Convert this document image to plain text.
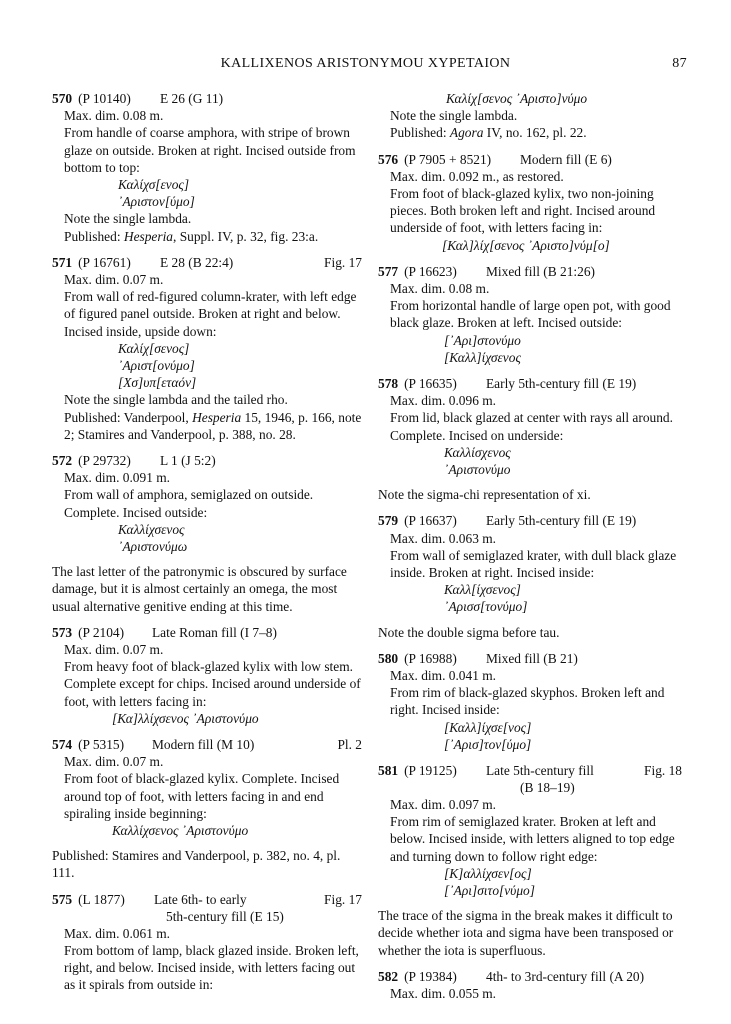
KALLIXENOS ARISTONYMOU XYPETAION	87
570 (P 10140) E 26 (G 11)

Max. dim. 0.08 m.

From handle of coarse amphora, with stripe of brown glaze on outside. Broken at right. Incised outside from bottom to top:

Καλίχσ[ενος]
᾿Αριστον[ύμο]

Note the single lambda.

Published: Hesperia, Suppl. IV, p. 32, fig. 23:a.

571 (P 16761) E 28 (B 22:4)	Fig. 17

Max. dim. 0.07 m.

From wall of red-figured column-krater, with left edge of figured panel outside. Broken at right and below. Incised inside, upside down:

Καλίχ[σενος]
᾿Αριστ[ονύμο]
[Χσ]υπ[εταόν]

Note the single lambda and the tailed rho.

Published: Vanderpool, Hesperia 15, 1946, p. 166, note 2; Stamires and Vanderpool, p. 388, no. 28.

572 (P 29732) L 1 (J 5:2)

Max. dim. 0.091 m.

From wall of amphora, semiglazed on outside. Complete. Incised outside:

Καλλίχσενος
᾿Αριστονύμω

The last letter of the patronymic is obscured by surface damage, but it is almost certainly an omega, the most usual alternative genitive ending at this time.

573 (P 2104) Late Roman fill (I 7–8)

Max. dim. 0.07 m.

From heavy foot of black-glazed kylix with low stem. Complete except for chips. Incised around underside of foot, with letters facing in:

[Κα]λλίχσενος ᾿Αριστονύμο
574 (P 5315) Modern fill (M 10)	Pl. 2

Max. dim. 0.07 m.

From foot of black-glazed kylix. Complete. Incised around top of foot, with letters facing in and end spiraling inside beginning:

Καλλίχσενος ᾿Αριστονύμο

Published: Stamires and Vanderpool, p. 382, no. 4, pl. 111.

575 (L 1877) Late 6th- to early
5th-century fill (E 15)
Fig. 17

Max. dim. 0.061 m.

From bottom of lamp, black glazed inside. Broken left, right, and below. Incised inside, with letters facing out as it spirals from outside in:

Καλίχ[σενος ᾿Αριστο]νύμο

Note the single lambda.

Published: Agora IV, no. 162, pl. 22.

576 (P 7905 + 8521) Modern fill (E 6)

Max. dim. 0.092 m., as restored.

From foot of black-glazed kylix, two non-joining pieces. Both broken left and right. Incised around underside of foot, with letters facing in:

[Καλ]λίχ[σενος ᾿Αριστο]νύμ[ο]
577 (P 16623) Mixed fill (B 21:26)

Max. dim. 0.08 m.

From horizontal handle of large open pot, with good black glaze. Broken at left. Incised outside:

[᾿Αρι]στονύμο
[Καλλ]ίχσενος
578 (P 16635) Early 5th-century fill (E 19)

Max. dim. 0.096 m.

From lid, black glazed at center with rays all around. Complete. Incised on underside:

Καλλίσχενος
᾿Αριστονύμο

Note the sigma-chi representation of xi.

579 (P 16637) Early 5th-century fill (E 19)

Max. dim. 0.063 m.

From wall of semiglazed krater, with dull black glaze inside. Broken at right. Incised inside:

Καλλ[ίχσενος]
᾿Αρισσ[τονύμο]

Note the double sigma before tau.

580 (P 16988) Mixed fill (B 21)

Max. dim. 0.041 m.

From rim of black-glazed skyphos. Broken left and right. Incised inside:

[Καλλ]ίχσε[νος]
[᾿Αρισ]τον[ύμο]
581 (P 19125) Late 5th-century fill
(B 18–19)
Fig. 18

Max. dim. 0.097 m.

From rim of semiglazed krater. Broken at left and below. Incised inside, with letters aligned to top edge and turning down to follow right edge:

[Κ]αλλίχσεν[ος]
[᾿Αρι]σιτο[νύμο]

The trace of the sigma in the break makes it difficult to decide whether iota and sigma have been transposed or whether the iota is superfluous.

582 (P 19384) 4th- to 3rd-century fill (A 20)

Max. dim. 0.055 m.
